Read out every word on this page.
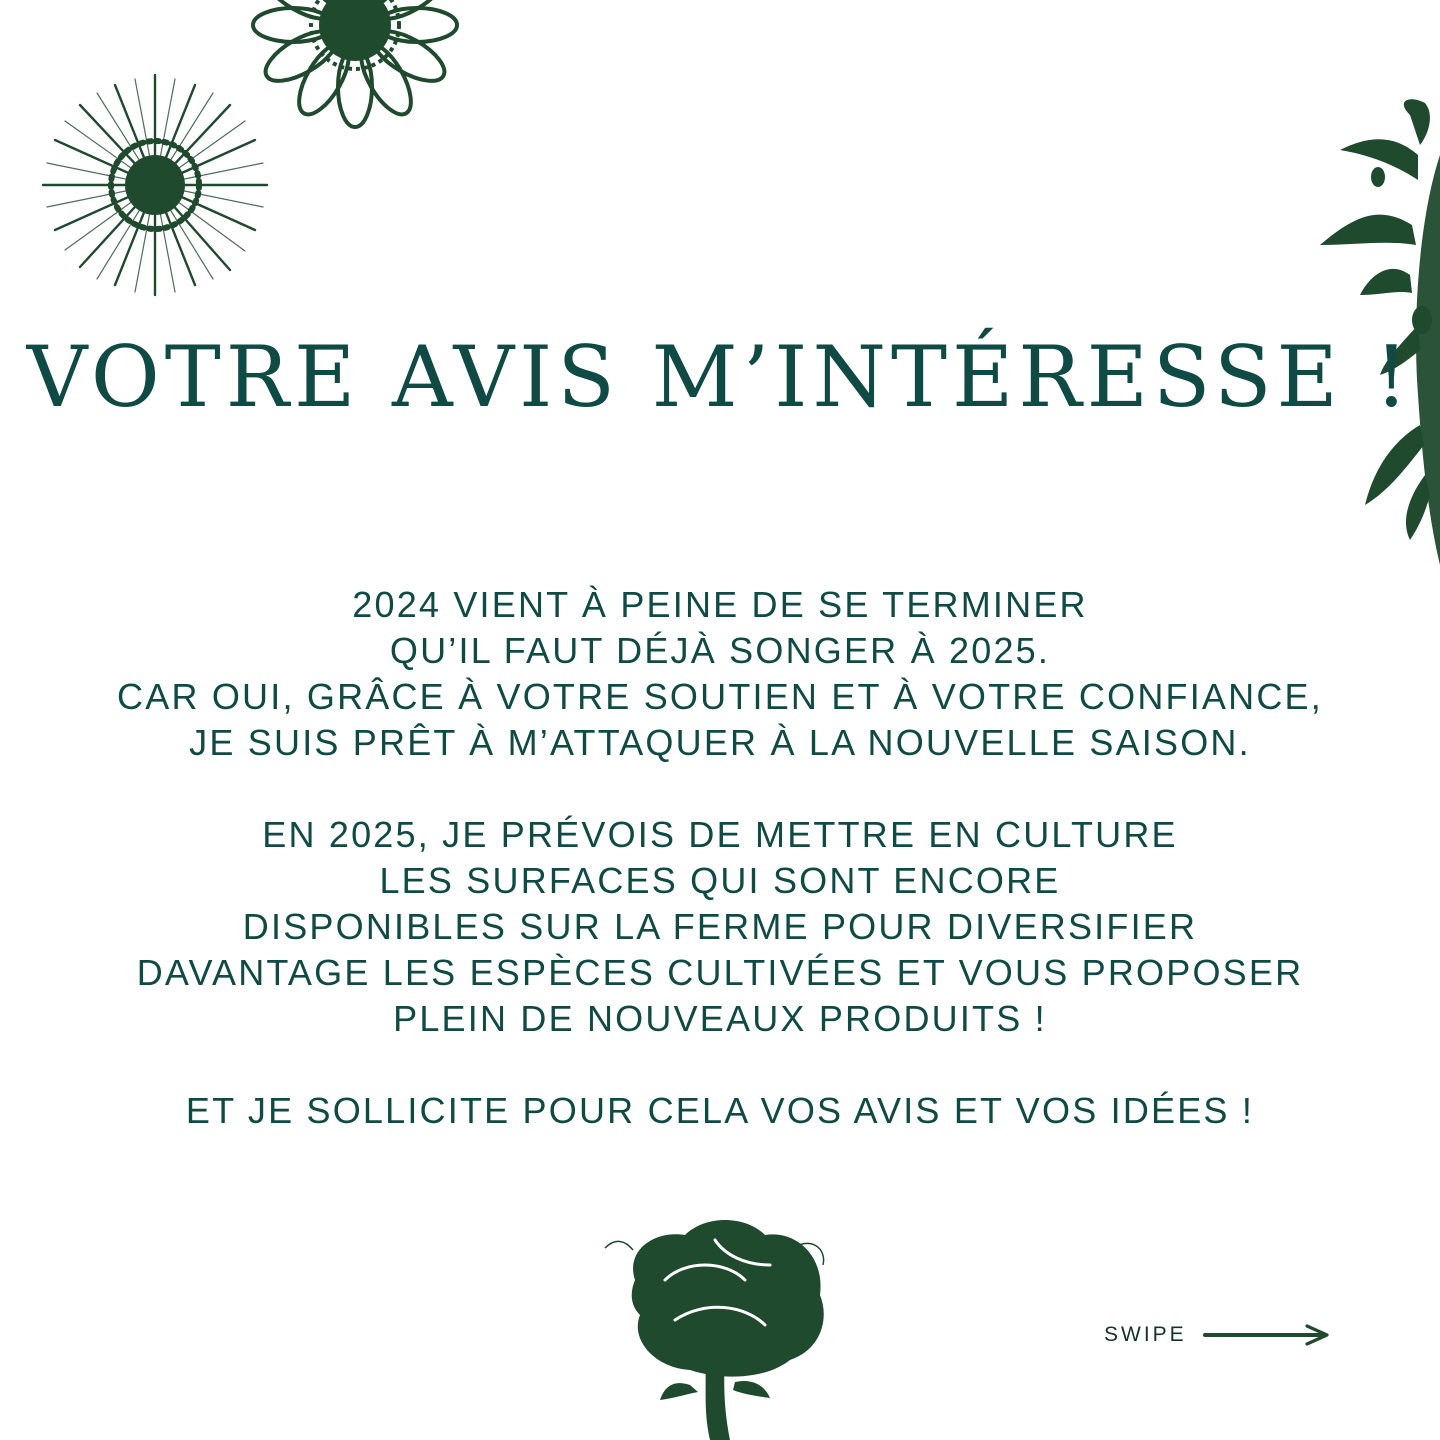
VOTRE AVIS M’INTÉRESSE !

2024 VIENT À PEINE DE SE TERMINER
QU’IL FAUT DÉJÀ SONGER À 2025.
CAR OUI, GRÂCE À VOTRE SOUTIEN ET À VOTRE CONFIANCE,
JE SUIS PRÊT À M’ATTAQUER À LA NOUVELLE SAISON.

EN 2025, JE PRÉVOIS DE METTRE EN CULTURE
LES SURFACES QUI SONT ENCORE
DISPONIBLES SUR LA FERME POUR DIVERSIFIER
DAVANTAGE LES ESPÈCES CULTIVÉES ET VOUS PROPOSER
PLEIN DE NOUVEAUX PRODUITS !

ET JE SOLLICITE POUR CELA VOS AVIS ET VOS IDÉES !

SWIPE
